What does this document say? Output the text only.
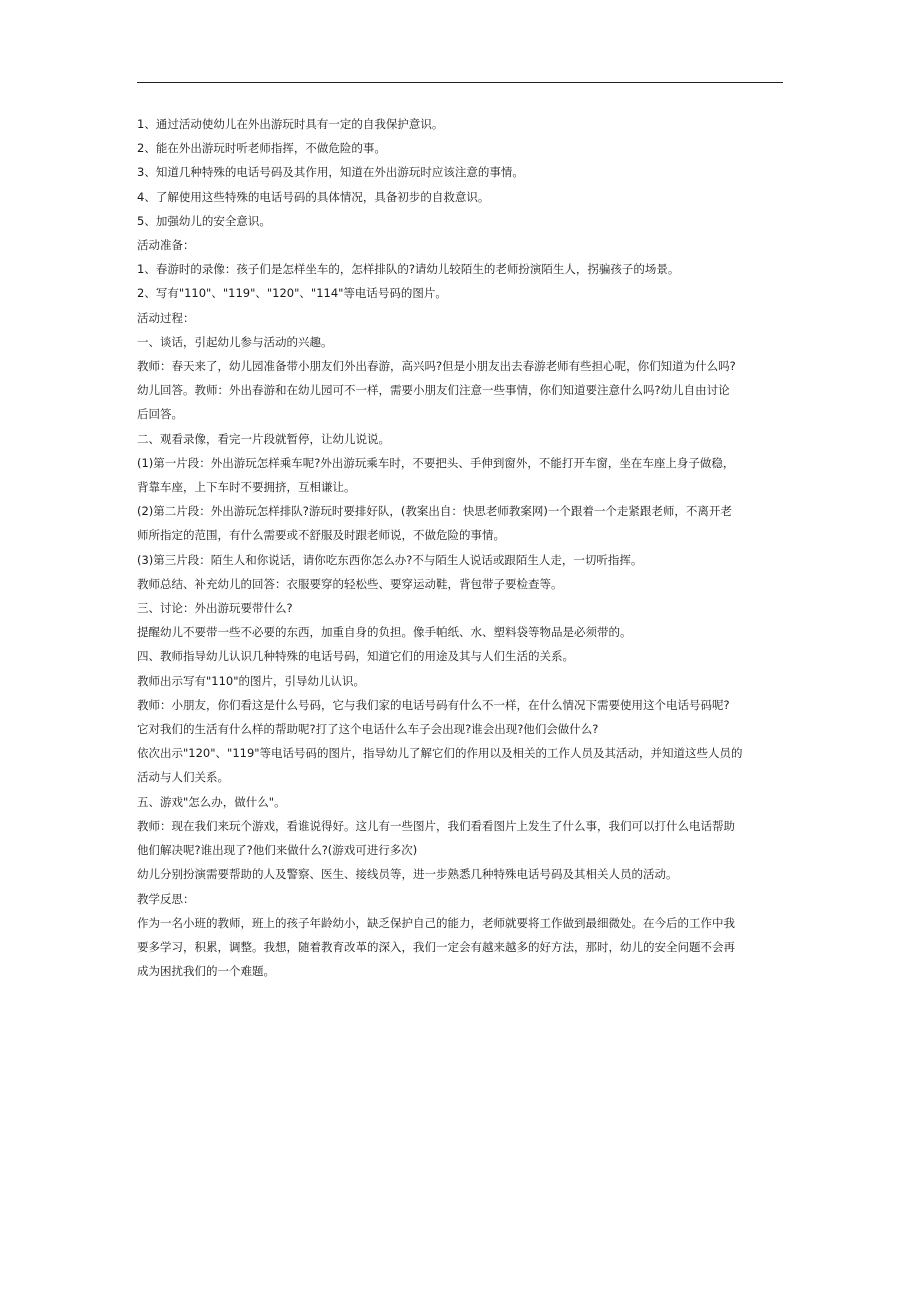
1、通过活动使幼儿在外出游玩时具有一定的自我保护意识。
2、能在外出游玩时听老师指挥，不做危险的事。
3、知道几种特殊的电话号码及其作用，知道在外出游玩时应该注意的事情。
4、了解使用这些特殊的电话号码的具体情况，具备初步的自救意识。
5、加强幼儿的安全意识。
活动准备：
1、春游时的录像：孩子们是怎样坐车的，怎样排队的?请幼儿较陌生的老师扮演陌生人，拐骗孩子的场景。
2、写有"110"、"119"、"120"、"114"等电话号码的图片。
活动过程：
一、谈话，引起幼儿参与活动的兴趣。
教师：春天来了，幼儿园准备带小朋友们外出春游，高兴吗?但是小朋友出去春游老师有些担心呢，你们知道为什么吗?
幼儿回答。教师：外出春游和在幼儿园可不一样，需要小朋友们注意一些事情，你们知道要注意什么吗?幼儿自由讨论
后回答。
二、观看录像，看完一片段就暂停，让幼儿说说。
(1)第一片段：外出游玩怎样乘车呢?外出游玩乘车时，不要把头、手伸到窗外，不能打开车窗，坐在车座上身子做稳，
背靠车座，上下车时不要拥挤，互相谦让。
(2)第二片段：外出游玩怎样排队?游玩时要排好队，(教案出自：快思老师教案网)一个跟着一个走紧跟老师，不离开老
师所指定的范围，有什么需要或不舒服及时跟老师说，不做危险的事情。
(3)第三片段：陌生人和你说话，请你吃东西你怎么办?不与陌生人说话或跟陌生人走，一切听指挥。
教师总结、补充幼儿的回答：衣服要穿的轻松些、要穿运动鞋，背包带子要检查等。
三、讨论：外出游玩要带什么?
提醒幼儿不要带一些不必要的东西，加重自身的负担。像手帕纸、水、塑料袋等物品是必须带的。
四、教师指导幼儿认识几种特殊的电话号码，知道它们的用途及其与人们生活的关系。
教师出示写有"110"的图片，引导幼儿认识。
教师：小朋友，你们看这是什么号码，它与我们家的电话号码有什么不一样，在什么情况下需要使用这个电话号码呢?
它对我们的生活有什么样的帮助呢?打了这个电话什么车子会出现?谁会出现?他们会做什么?
依次出示"120"、"119"等电话号码的图片，指导幼儿了解它们的作用以及相关的工作人员及其活动，并知道这些人员的
活动与人们关系。
五、游戏"怎么办，做什么"。
教师：现在我们来玩个游戏，看谁说得好。这儿有一些图片，我们看看图片上发生了什么事，我们可以打什么电话帮助
他们解决呢?谁出现了?他们来做什么?(游戏可进行多次)
幼儿分别扮演需要帮助的人及警察、医生、接线员等，进一步熟悉几种特殊电话号码及其相关人员的活动。
教学反思：
作为一名小班的教师，班上的孩子年龄幼小，缺乏保护自己的能力，老师就要将工作做到最细微处。在今后的工作中我
要多学习，积累，调整。我想，随着教育改革的深入，我们一定会有越来越多的好方法，那时，幼儿的安全问题不会再
成为困扰我们的一个难题。
